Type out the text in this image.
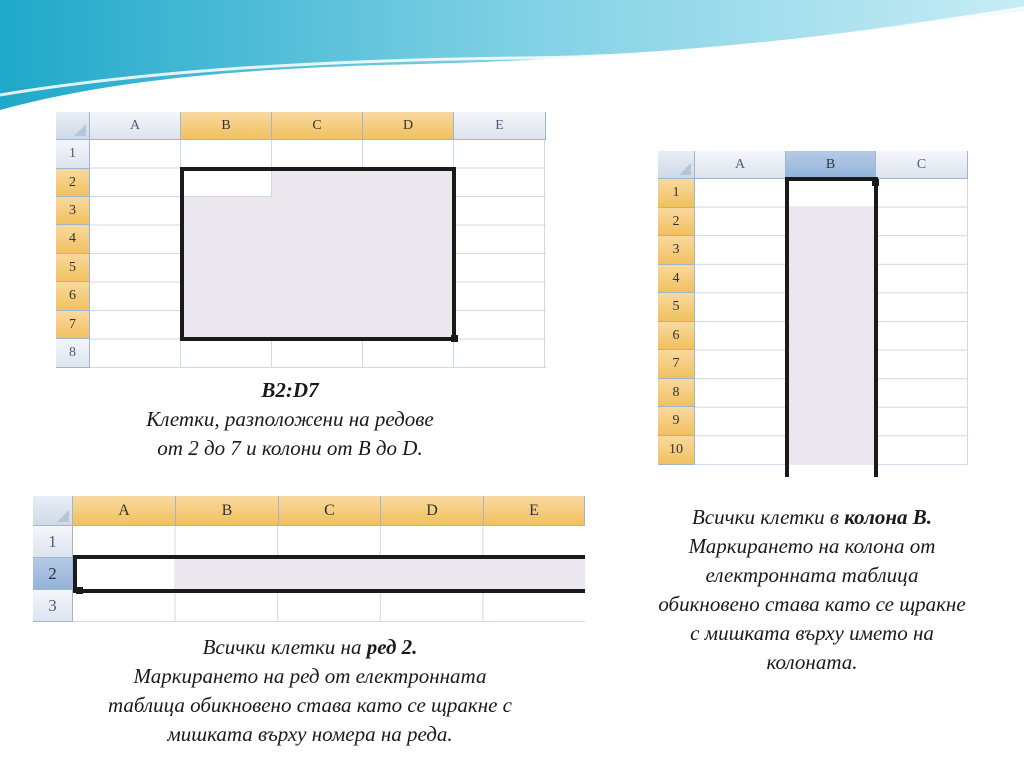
A	B	C	D	E
1
2
3
4
5
6
7
8
B2:D7
Клетки, разположени на редове
от 2 до 7 и колони от B до D.
A	B	C
1
2
3
4
5
6
7
8
9
10
Всички клетки в колона B.
Маркирането на колона от
електронната таблица
обикновено става като се щракне
с мишката върху името на
колоната.
A	B	C	D	E
1
2
3
Всички клетки на ред 2.
Маркирането на ред от електронната
таблица обикновено става като се щракне с
мишката върху номера на реда.
